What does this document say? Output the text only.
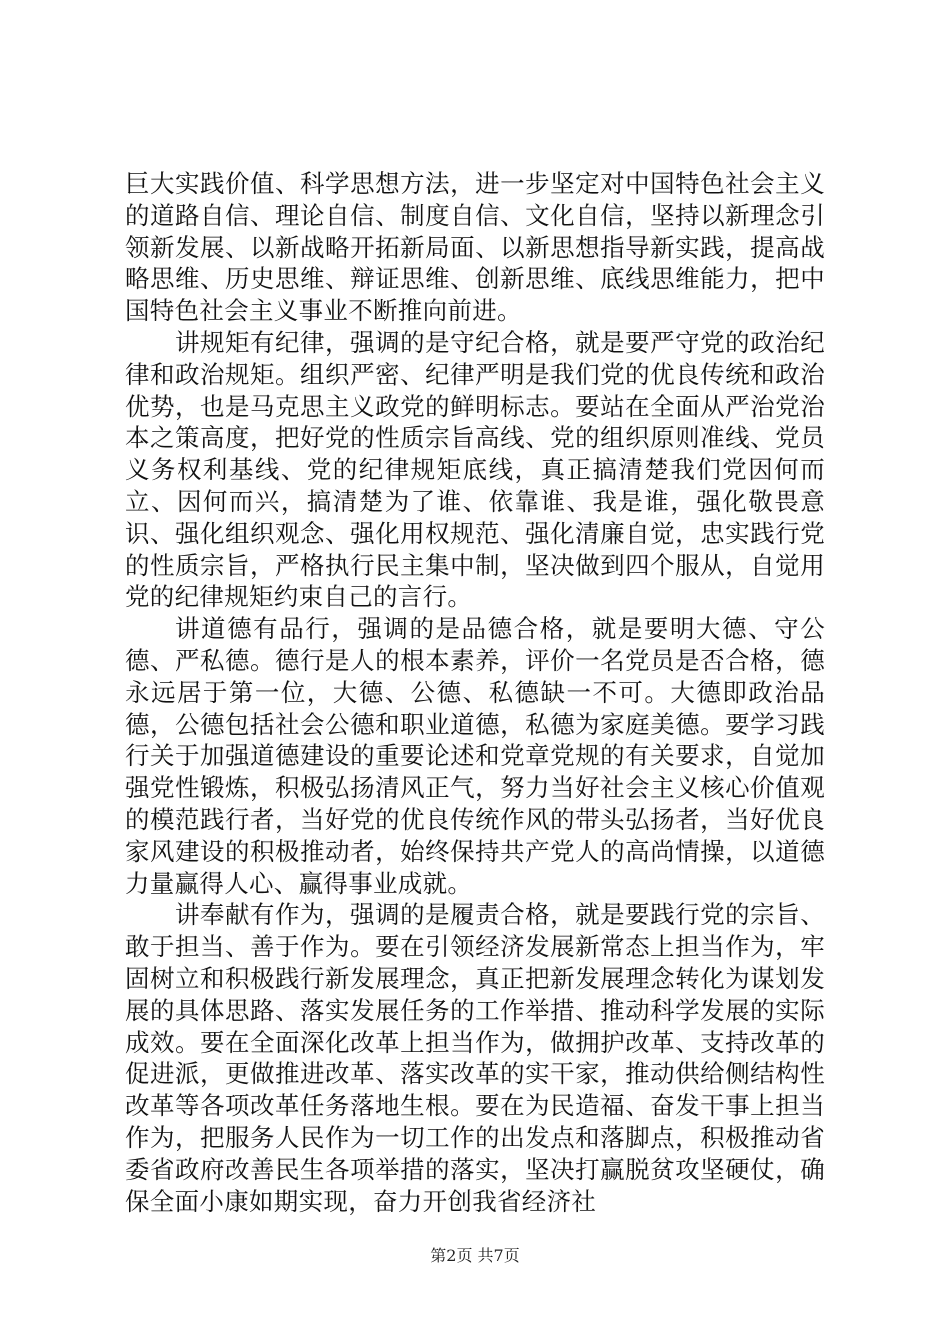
巨大实践价值、科学思想方法，进一步坚定对中国特色社会主义的道路自信、理论自信、制度自信、文化自信，坚持以新理念引领新发展、以新战略开拓新局面、以新思想指导新实践，提高战略思维、历史思维、辩证思维、创新思维、底线思维能力，把中国特色社会主义事业不断推向前进。

讲规矩有纪律，强调的是守纪合格，就是要严守党的政治纪律和政治规矩。组织严密、纪律严明是我们党的优良传统和政治优势，也是马克思主义政党的鲜明标志。要站在全面从严治党治本之策高度，把好党的性质宗旨高线、党的组织原则准线、党员义务权利基线、党的纪律规矩底线，真正搞清楚我们党因何而立、因何而兴，搞清楚为了谁、依靠谁、我是谁，强化敬畏意识、强化组织观念、强化用权规范、强化清廉自觉，忠实践行党的性质宗旨，严格执行民主集中制，坚决做到四个服从，自觉用党的纪律规矩约束自己的言行。

讲道德有品行，强调的是品德合格，就是要明大德、守公德、严私德。德行是人的根本素养，评价一名党员是否合格，德永远居于第一位，大德、公德、私德缺一不可。大德即政治品德，公德包括社会公德和职业道德，私德为家庭美德。要学习践行关于加强道德建设的重要论述和党章党规的有关要求，自觉加强党性锻炼，积极弘扬清风正气，努力当好社会主义核心价值观的模范践行者，当好党的优良传统作风的带头弘扬者，当好优良家风建设的积极推动者，始终保持共产党人的高尚情操，以道德力量赢得人心、赢得事业成就。

讲奉献有作为，强调的是履责合格，就是要践行党的宗旨、敢于担当、善于作为。要在引领经济发展新常态上担当作为，牢固树立和积极践行新发展理念，真正把新发展理念转化为谋划发展的具体思路、落实发展任务的工作举措、推动科学发展的实际成效。要在全面深化改革上担当作为，做拥护改革、支持改革的促进派，更做推进改革、落实改革的实干家，推动供给侧结构性改革等各项改革任务落地生根。要在为民造福、奋发干事上担当作为，把服务人民作为一切工作的出发点和落脚点，积极推动省委省政府改善民生各项举措的落实，坚决打赢脱贫攻坚硬仗，确保全面小康如期实现，奋力开创我省经济社

第2页 共7页
